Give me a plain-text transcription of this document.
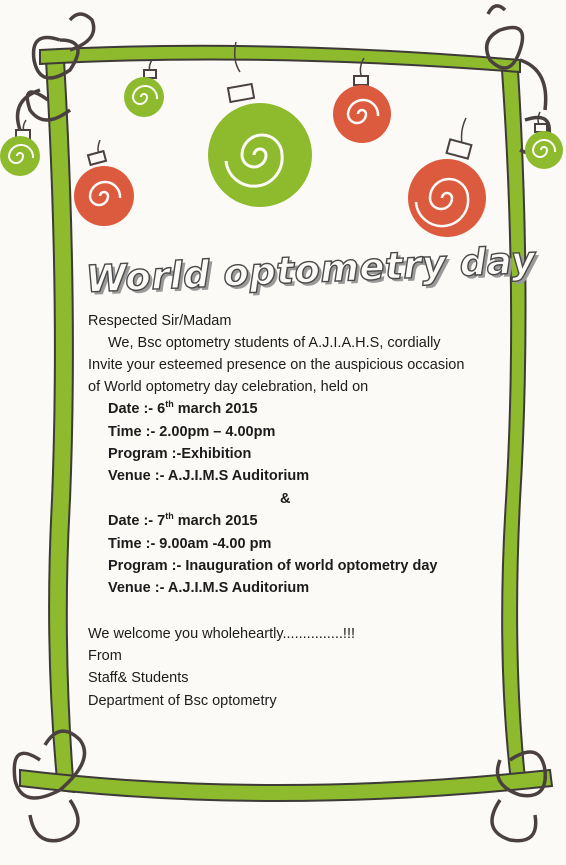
World optometry day
Respected Sir/Madam
We, Bsc optometry students of A.J.I.A.H.S, cordially
Invite your esteemed presence on the auspicious occasion
of World optometry day celebration, held on
Date :- 6th march 2015
Time :- 2.00pm – 4.00pm
Program :-Exhibition
Venue :- A.J.I.M.S Auditorium
&
Date :- 7th march 2015
Time :- 9.00am -4.00 pm
Program :- Inauguration of world optometry day
Venue :- A.J.I.M.S Auditorium
We welcome you wholeheartly...............!!!
From
Staff& Students
Department of Bsc optometry
